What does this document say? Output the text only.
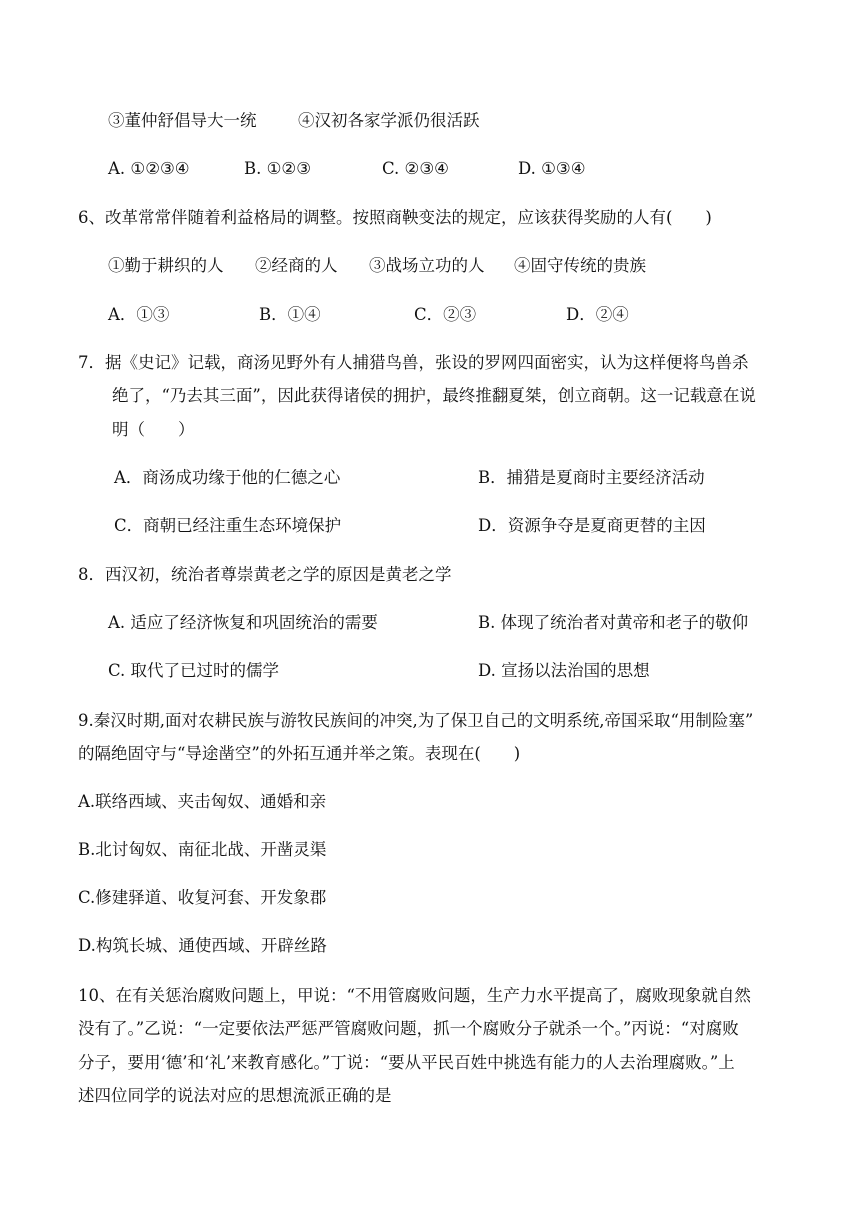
③董仲舒倡导大一统	④汉初各家学派仍很活跃
A. ①②③④	B. ①②③	C. ②③④	D. ①③④
6、改革常常伴随着利益格局的调整。按照商鞅变法的规定，应该获得奖励的人有(　　)
①勤于耕织的人 ②经商的人 ③战场立功的人 ④固守传统的贵族
A．①③	B．①④	C．②③	D．②④
7．据《史记》记载，商汤见野外有人捕猎鸟兽，张设的罗网四面密实，认为这样便将鸟兽杀
绝了，“乃去其三面”，因此获得诸侯的拥护，最终推翻夏桀，创立商朝。这一记载意在说
明（　　）
A．商汤成功缘于他的仁德之心	B．捕猎是夏商时主要经济活动
C．商朝已经注重生态环境保护	D．资源争夺是夏商更替的主因
8．西汉初，统治者尊崇黄老之学的原因是黄老之学
A. 适应了经济恢复和巩固统治的需要	B. 体现了统治者对黄帝和老子的敬仰
C. 取代了已过时的儒学	D. 宣扬以法治国的思想
9.秦汉时期,面对农耕民族与游牧民族间的冲突,为了保卫自己的文明系统,帝国采取“用制险塞”
的隔绝固守与“导途凿空”的外拓互通并举之策。表现在(　　)
A.联络西域、夹击匈奴、通婚和亲
B.北讨匈奴、南征北战、开凿灵渠
C.修建驿道、收复河套、开发象郡
D.构筑长城、通使西域、开辟丝路
10、在有关惩治腐败问题上，甲说：“不用管腐败问题，生产力水平提高了，腐败现象就自然
没有了。”乙说：“一定要依法严惩严管腐败问题，抓一个腐败分子就杀一个。”丙说：“对腐败
分子，要用‘德’和‘礼’来教育感化。”丁说：“要从平民百姓中挑选有能力的人去治理腐败。”上
述四位同学的说法对应的思想流派正确的是
